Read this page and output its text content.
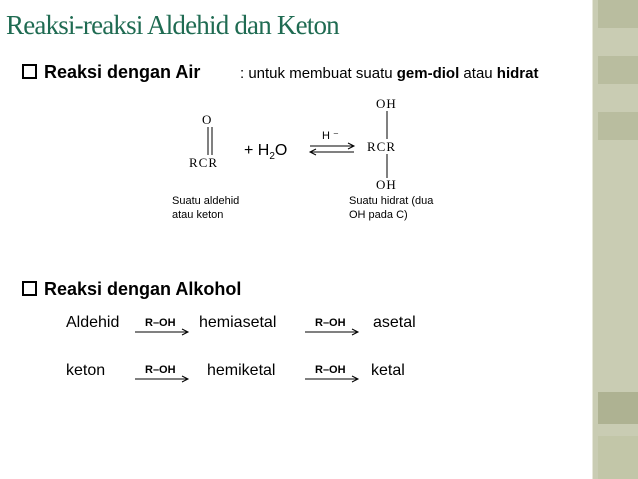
Reaksi-reaksi Aldehid dan Keton
Reaksi dengan Air	: untuk membuat suatu gem-diol atau hidrat
O
RCR
+ $H_2O$
H ⁻
OH
RCR
OH
Suatu aldehid
atau keton
Suatu hidrat (dua
OH pada C)
Reaksi dengan Alkohol
Aldehid R–OH hemiasetal	R–OH asetal
keton	R–OH hemiketal	R–OH ketal
